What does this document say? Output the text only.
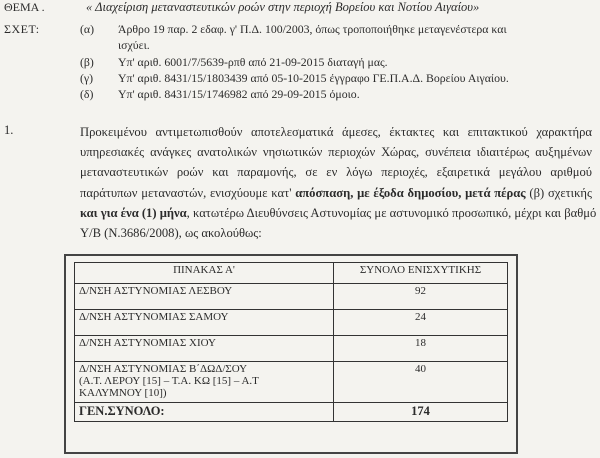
ΘΕΜΑ .	« Διαχείριση μεταναστευτικών ροών στην περιοχή Βορείου και Νοτίου Αιγαίου»
ΣΧΕΤ:	(α) Άρθρο 19 παρ. 2 εδαφ. γ' Π.Δ. 100/2003, όπως τροποποιήθηκε μεταγενέστερα και
ισχύει.
(β) Υπ' αριθ. 6001/7/5639-ρπθ από 21-09-2015 διαταγή μας.
(γ) Υπ' αριθ. 8431/15/1803439 από 05-10-2015 έγγραφο ΓΕ.Π.Α.Δ. Βορείου Αιγαίου.
(δ) Υπ' αριθ. 8431/15/1746982 από 29-09-2015 όμοιο.
1.	Προκειμένου αντιμετωπισθούν αποτελεσματικά άμεσες, έκτακτες και επιτακτικού χαρακτήρα
υπηρεσιακές ανάγκες ανατολικών νησιωτικών περιοχών Χώρας, συνέπεια ιδιαιτέρως αυξημένων
μεταναστευτικών ροών και παραμονής, σε εν λόγω περιοχές, εξαιρετικά μεγάλου αριθμού
παράτυπων μεταναστών, ενισχύουμε κατ' απόσπαση, με έξοδα δημοσίου, μετά πέρας (β) σχετικής
και για ένα (1) μήνα, κατωτέρω Διευθύνσεις Αστυνομίας με αστυνομικό προσωπικό, μέχρι και βαθμό
Υ/Β (Ν.3686/2008), ως ακολούθως:
ΠΙΝΑΚΑΣ Α'	ΣΥΝΟΛΟ ΕΝΙΣΧΥΤΙΚΗΣ
Δ/ΝΣΗ ΑΣΤΥΝΟΜΙΑΣ ΛΕΣΒΟΥ	92
Δ/ΝΣΗ ΑΣΤΥΝΟΜΙΑΣ ΣΑΜΟΥ	24
Δ/ΝΣΗ ΑΣΤΥΝΟΜΙΑΣ ΧΙΟΥ	18

Δ/ΝΣΗ ΑΣΤΥΝΟΜΙΑΣ Β΄ΔΩΔ/ΣΟΥ
(Α.Τ. ΛΕΡΟΥ [15] – Τ.Α. ΚΩ [15] – Α.Τ
ΚΑΛΥΜΝΟΥ [10])	40
ΓΕΝ.ΣΥΝΟΛΟ:	174
